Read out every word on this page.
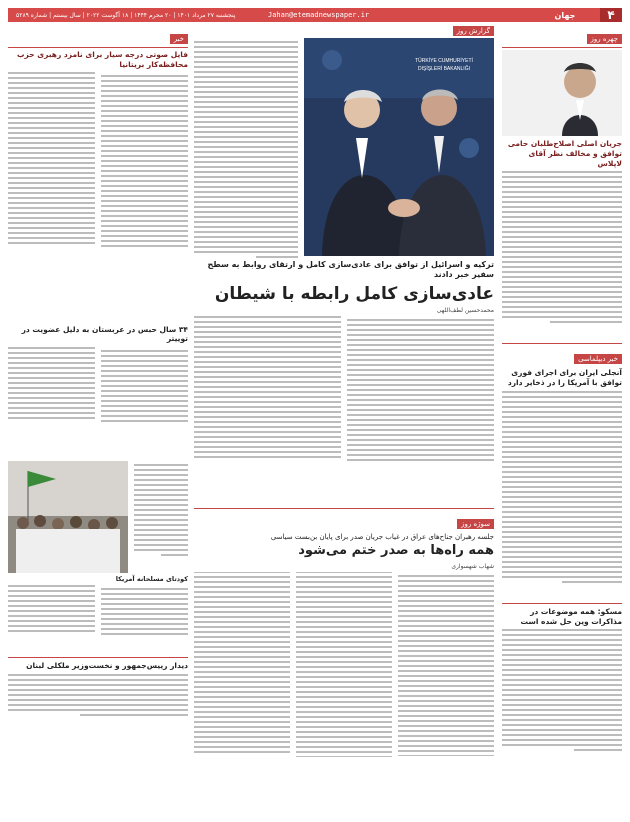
۴
جهان
Jahan@etemadnewspaper.ir
پنجشنبه ۲۷ مرداد ۱۴۰۱ | ۲۰ محرم ۱۴۴۴ | ۱۸ آگوست ۲۰۲۲ | سال بیستم | شماره ۵۲۸۹
چهره روز
جریان اصلی اصلاح‌طلبان حامی توافق و مخالف نظر آقای لاپلاس
خبر دیپلماسی
آنجلی ایران برای اجرای فوری توافق با آمریکا را در ذخایر دارد
مسکو: همه موضوعات در مذاکرات وین حل شده است
گزارش روز
TÜRKİYE CUMHURİYETİ
DIŞİŞLERİ BAKANLIĞI
ترکیه و اسرائیل از توافق برای عادی‌سازی کامل و ارتقای روابط به سطح سفیر خبر دادند
عادی‌سازی کامل رابطه با شیطان
محمدحسین لطف‌اللهی
سوژه روز
جلسه رهبران جناح‌های عراق در غیاب جریان صدر برای پایان بن‌بست سیاسی
همه راه‌ها به صدر ختم می‌شود
شهاب شهسواری
خبر
فایل صوتی درجه سیار برای نامزد رهبری حزب محافظه‌کار بریتانیا
۳۴ سال حبس در عربستان به دلیل عضویت در توییتر
کودتای مسلحانه آمریکا
دیدار رییس‌جمهور و نخست‌وزیر ملکلی لبنان
